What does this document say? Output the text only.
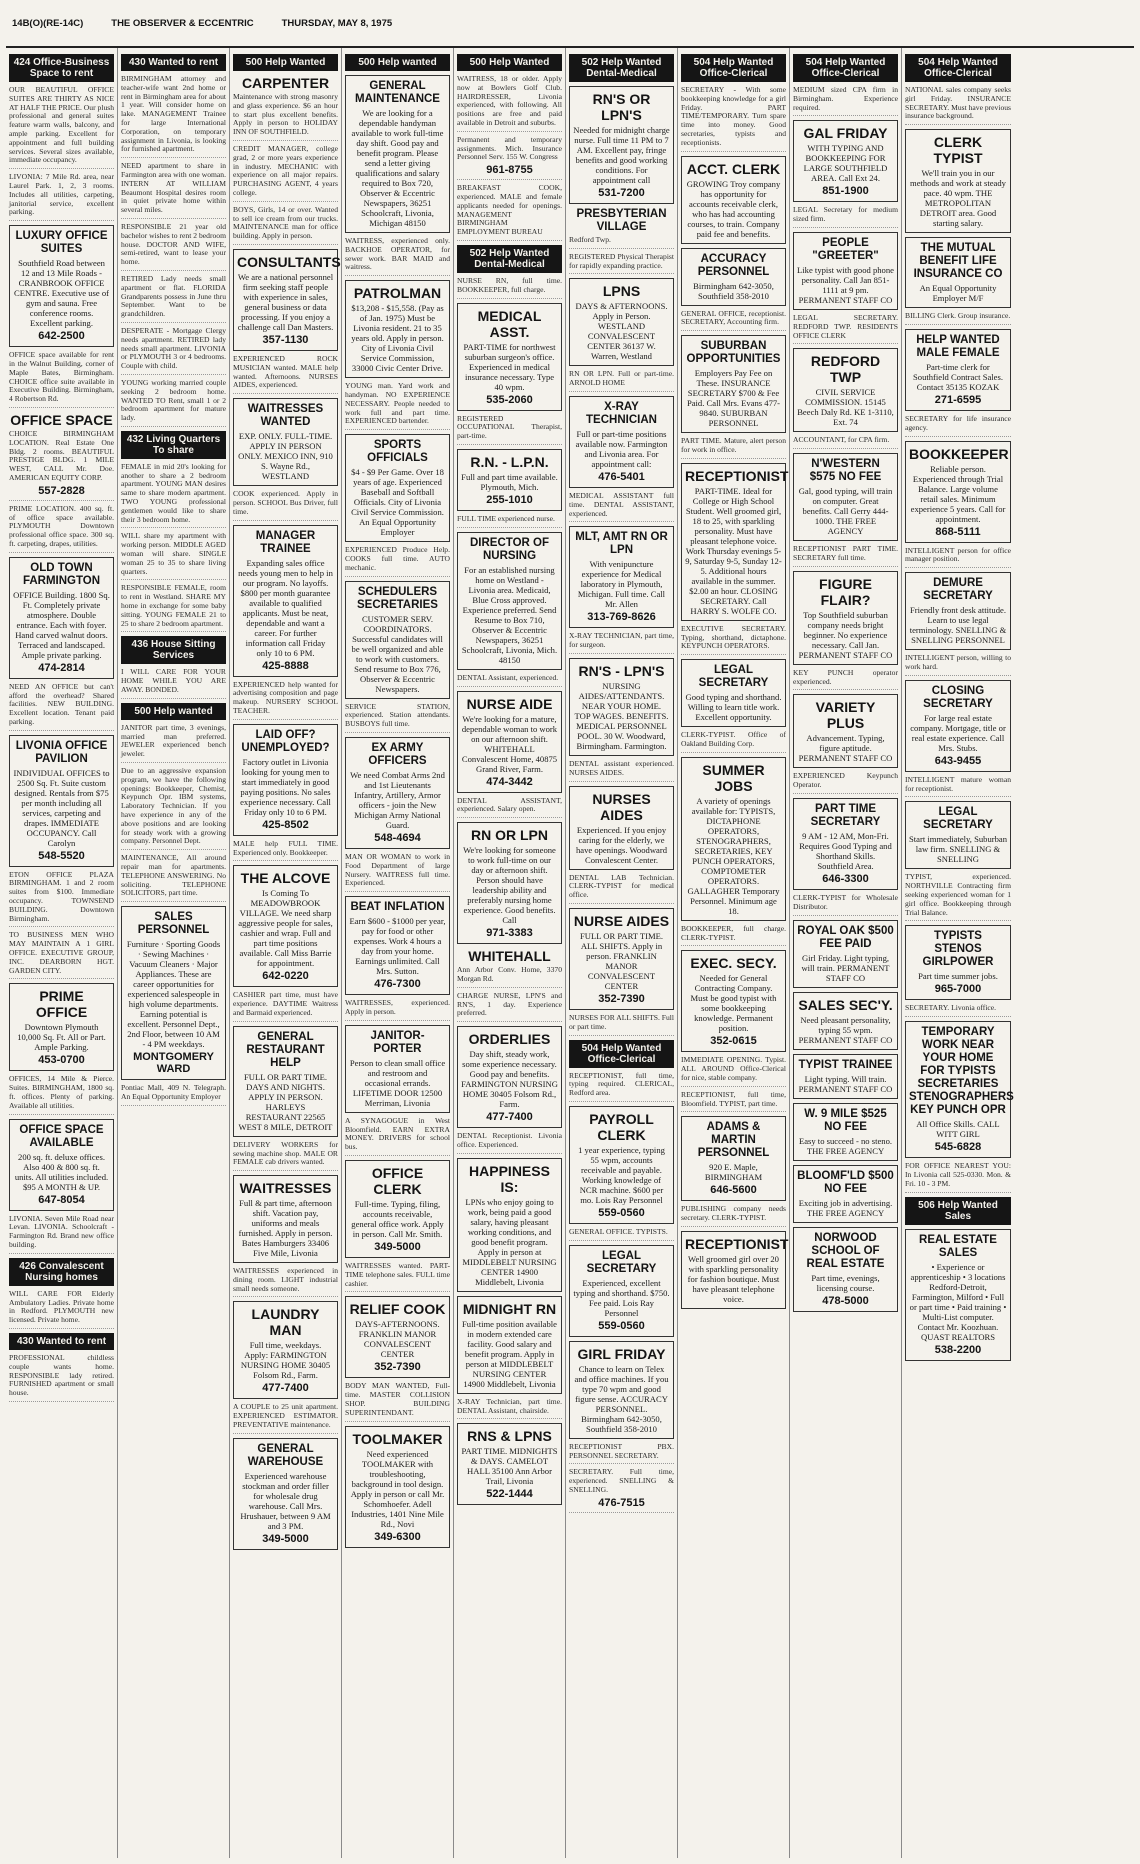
14B(O)(RE-14C)	THE OBSERVER & ECCENTRIC	THURSDAY, MAY 8, 1975
424 Office-Business Space to rent
OUR BEAUTIFUL OFFICE SUITES ARE THIRTY AS NICE AT HALF THE PRICE. Our plush professional and general suites feature warm walls, balcony, and ample parking. Excellent for appointment and full building services. Several sizes available, immediate occupancy.
LIVONIA: 7 Mile Rd. area, near Laurel Park. 1, 2, 3 rooms. Includes all utilities, carpeting, janitorial service, excellent parking.
LUXURY OFFICE SUITES
Southfield Road between 12 and 13 Mile Roads - CRANBROOK OFFICE CENTRE. Executive use of gym and sauna. Free conference rooms. Excellent parking.
642-2500
OFFICE space available for rent in the Walnut Building, corner of Maple Bates, Birmingham. CHOICE office suite available in Executive Building. Birmingham, 4 Robertson Rd.
OFFICE SPACE
CHOICE BIRMINGHAM LOCATION. Real Estate One Bldg. 2 rooms. BEAUTIFUL PRESTIGE BLDG. 1 MILE WEST, CALL Mr. Doe. AMERICAN EQUITY CORP.
557-2828
PRIME LOCATION. 400 sq. ft. of office space available. PLYMOUTH Downtown professional office space. 300 sq. ft. carpeting, drapes, utilities.
OLD TOWN FARMINGTON
OFFICE Building. 1800 Sq. Ft. Completely private atmosphere. Double entrance. Each with foyer. Hand carved walnut doors. Terraced and landscaped. Ample private parking.
474-2814
NEED AN OFFICE but can't afford the overhead? Shared facilities. NEW BUILDING. Excellent location. Tenant paid parking.
LIVONIA OFFICE PAVILION
INDIVIDUAL OFFICES to 2500 Sq. Ft. Suite custom designed. Rentals from $75 per month including all services, carpeting and drapes. IMMEDIATE OCCUPANCY. Call Carolyn
548-5520
ETON OFFICE PLAZA BIRMINGHAM. 1 and 2 room suites from $100. Immediate occupancy. TOWNSEND BUILDING. Downtown Birmingham.
TO BUSINESS MEN WHO MAY MAINTAIN A 1 GIRL OFFICE. EXECUTIVE GROUP, INC. DEARBORN HGT. GARDEN CITY.
PRIME OFFICE
Downtown Plymouth 10,000 Sq. Ft. All or Part. Ample Parking.
453-0700
OFFICES, 14 Mile & Pierce. Suites. BIRMINGHAM, 1800 sq. ft. offices. Plenty of parking. Available all utilities.
OFFICE SPACE AVAILABLE
200 sq. ft. deluxe offices. Also 400 & 800 sq. ft. units. All utilities included. $95 A MONTH & UP.
647-8054
LIVONIA. Seven Mile Road near Levan. LIVONIA. Schoolcraft - Farmington Rd. Brand new office building.
426 Convalescent Nursing homes
WILL CARE FOR Elderly Ambulatory Ladies. Private home in Redford. PLYMOUTH new licensed. Private home.
430 Wanted to rent
PROFESSIONAL childless couple wants home. RESPONSIBLE lady retired. FURNISHED apartment or small house.
430 Wanted to rent
BIRMINGHAM attorney and teacher-wife want 2nd home or rent in Birmingham area for about 1 year. Will consider home on lake. MANAGEMENT Trainee for large International Corporation, on temporary assignment in Livonia, is looking for furnished apartment.
NEED apartment to share in Farmington area with one woman. INTERN AT WILLIAM Beaumont Hospital desires room in quiet private home within several miles.
RESPONSIBLE 21 year old bachelor wishes to rent 2 bedroom house. DOCTOR AND WIFE, semi-retired, want to lease your home.
RETIRED Lady needs small apartment or flat. FLORIDA Grandparents possess in June thru September. Want to be grandchildren.
DESPERATE - Mortgage Clergy needs apartment. RETIRED lady needs small apartment. LIVONIA or PLYMOUTH 3 or 4 bedrooms. Couple with child.
YOUNG working married couple seeking 2 bedroom home. WANTED TO Rent, small 1 or 2 bedroom apartment for mature lady.
432 Living Quarters To share
FEMALE in mid 20's looking for another to share a 2 bedroom apartment. YOUNG MAN desires same to share modern apartment. TWO YOUNG professional gentlemen would like to share their 3 bedroom home.
WILL share my apartment with working person. MIDDLE AGED woman will share. SINGLE woman 25 to 35 to share living quarters.
RESPONSIBLE FEMALE, room to rent in Westland. SHARE MY home in exchange for some baby sitting. YOUNG FEMALE 21 to 25 to share 2 bedroom apartment.
436 House Sitting Services
I WILL CARE FOR YOUR HOME WHILE YOU ARE AWAY. BONDED.
500 Help wanted
JANITOR part time, 3 evenings, married man preferred. JEWELER experienced bench jeweler.
Due to an aggressive expansion program, we have the following openings: Bookkeeper, Chemist, Keypunch Opr. IBM systems, Laboratory Technician. If you have experience in any of the above positions and are looking for steady work with a growing company. Personnel Dept.
MAINTENANCE, All around repair man for apartments. TELEPHONE ANSWERING. No soliciting. TELEPHONE SOLICITORS, part time.
SALES PERSONNEL
Furniture · Sporting Goods · Sewing Machines · Vacuum Cleaners · Major Appliances. These are career opportunities for experienced salespeople in high volume departments. Earning potential is excellent. Personnel Dept., 2nd Floor, between 10 AM - 4 PM weekdays.
MONTGOMERY WARD
Pontiac Mall, 409 N. Telegraph. An Equal Opportunity Employer
500 Help Wanted
CARPENTER
Maintenance with strong masonry and glass experience. $6 an hour to start plus excellent benefits. Apply in person to HOLIDAY INN OF SOUTHFIELD.
CREDIT MANAGER, college grad, 2 or more years experience in industry. MECHANIC with experience on all major repairs. PURCHASING AGENT, 4 years college.
BOYS, Girls, 14 or over. Wanted to sell ice cream from our trucks. MAINTENANCE man for office building. Apply in person.
CONSULTANTS
We are a national personnel firm seeking staff people with experience in sales, general business or data processing. If you enjoy a challenge call Dan Masters.
357-1130
EXPERIENCED ROCK MUSICIAN wanted. MALE help wanted. Afternoons. NURSES AIDES, experienced.
WAITRESSES WANTED
EXP. ONLY. FULL-TIME. APPLY IN PERSON ONLY. MEXICO INN, 910 S. Wayne Rd., WESTLAND
COOK experienced. Apply in person. SCHOOL Bus Driver, full time.
MANAGER TRAINEE
Expanding sales office needs young men to help in our program. No layoffs. $800 per month guarantee available to qualified applicants. Must be neat, dependable and want a career. For further information call Friday only 10 to 6 PM.
425-8888
EXPERIENCED help wanted for advertising composition and page makeup. NURSERY SCHOOL TEACHER.
LAID OFF? UNEMPLOYED?
Factory outlet in Livonia looking for young men to start immediately in good paying positions. No sales experience necessary. Call Friday only 10 to 6 PM.
425-8502
MALE help FULL TIME. Experienced only. Bookkeeper.
THE ALCOVE
Is Coming To MEADOWBROOK VILLAGE. We need sharp aggressive people for sales, cashier and wrap. Full and part time positions available. Call Miss Barrie for appointment.
642-0220
CASHIER part time, must have experience. DAYTIME Waitress and Barmaid experienced.
GENERAL RESTAURANT HELP
FULL OR PART TIME. DAYS AND NIGHTS. APPLY IN PERSON. HARLEYS RESTAURANT 22565 WEST 8 MILE, DETROIT
DELIVERY WORKERS for sewing machine shop. MALE OR FEMALE cab drivers wanted.
WAITRESSES
Full & part time, afternoon shift. Vacation pay, uniforms and meals furnished. Apply in person. Bates Hamburgers 33406 Five Mile, Livonia
WAITRESSES experienced in dining room. LIGHT industrial small needs someone.
LAUNDRY MAN
Full time, weekdays. Apply: FARMINGTON NURSING HOME 30405 Folsom Rd., Farm.
477-7400
A COUPLE to 25 unit apartment. EXPERIENCED ESTIMATOR. PREVENTATIVE maintenance.
GENERAL WAREHOUSE
Experienced warehouse stockman and order filler for wholesale drug warehouse. Call Mrs. Hrushauer, between 9 AM and 3 PM.
349-5000
500 Help wanted
GENERAL MAINTENANCE
We are looking for a dependable handyman available to work full-time day shift. Good pay and benefit program. Please send a letter giving qualifications and salary required to Box 720, Observer & Eccentric Newspapers, 36251 Schoolcraft, Livonia, Michigan 48150
WAITRESS, experienced only. BACKHOE OPERATOR, for sewer work. BAR MAID and waitress.
PATROLMAN
$13,208 - $15,558. (Pay as of Jan. 1975) Must be Livonia resident. 21 to 35 years old. Apply in person. City of Livonia Civil Service Commission, 33000 Civic Center Drive.
YOUNG man. Yard work and handyman. NO EXPERIENCE NECESSARY. People needed to work full and part time. EXPERIENCED bartender.
SPORTS OFFICIALS
$4 - $9 Per Game. Over 18 years of age. Experienced Baseball and Softball Officials. City of Livonia Civil Service Commission. An Equal Opportunity Employer
EXPERIENCED Produce Help. COOKS full time. AUTO mechanic.
SCHEDULERS SECRETARIES
CUSTOMER SERV. COORDINATORS. Successful candidates will be well organized and able to work with customers. Send resume to Box 776, Observer & Eccentric Newspapers.
SERVICE STATION, experienced. Station attendants. BUSBOYS full time.
EX ARMY OFFICERS
We need Combat Arms 2nd and 1st Lieutenants Infantry, Artillery, Armor officers - join the New Michigan Army National Guard.
548-4694
MAN OR WOMAN to work in Food Department of large Nursery. WAITRESS full time. Experienced.
BEAT INFLATION
Earn $600 - $1000 per year, pay for food or other expenses. Work 4 hours a day from your home. Earnings unlimited. Call Mrs. Sutton.
476-7300
WAITRESSES, experienced. Apply in person.
JANITOR-PORTER
Person to clean small office and restroom and occasional errands. LIFETIME DOOR 12500 Merriman, Livonia
A SYNAGOGUE in West Bloomfield. EARN EXTRA MONEY. DRIVERS for school bus.
OFFICE CLERK
Full-time. Typing, filing, accounts receivable, general office work. Apply in person. Call Mr. Smith.
349-5000
WAITRESSES wanted. PART-TIME telephone sales. FULL time cashier.
RELIEF COOK
DAYS-AFTERNOONS. FRANKLIN MANOR CONVALESCENT CENTER
352-7390
BODY MAN WANTED, Full-time. MASTER COLLISION SHOP. BUILDING SUPERINTENDANT.
TOOLMAKER
Need experienced TOOLMAKER with troubleshooting, background in tool design. Apply in person or call Mr. Schomhoefer. Adell Industries, 1401 Nine Mile Rd., Novi
349-6300
500 Help Wanted
WAITRESS, 18 or older. Apply now at Bowlers Golf Club. HAIRDRESSER, Livonia experienced, with following. All positions are free and paid available in Detroit and suburbs.
Permanent and temporary assignments. Mich. Insurance Personnel Serv. 155 W. Congress
961-8755
BREAKFAST COOK, experienced. MALE and female applicants needed for openings. MANAGEMENT BIRMINGHAM EMPLOYMENT BUREAU
502 Help Wanted Dental-Medical
NURSE RN, full time. BOOKKEEPER, full charge.
MEDICAL ASST.
PART-TIME for northwest suburban surgeon's office. Experienced in medical insurance necessary. Type 40 wpm.
535-2060
REGISTERED OCCUPATIONAL Therapist, part-time.
R.N. - L.P.N.
Full and part time available. Plymouth, Mich.
255-1010
FULL TIME experienced nurse.
DIRECTOR OF NURSING
For an established nursing home on Westland - Livonia area. Medicaid, Blue Cross approved. Experience preferred. Send Resume to Box 710, Observer & Eccentric Newspapers, 36251 Schoolcraft, Livonia, Mich. 48150
DENTAL Assistant, experienced.
NURSE AIDE
We're looking for a mature, dependable woman to work on our afternoon shift. WHITEHALL Convalescent Home, 40875 Grand River, Farm.
474-3442
DENTAL ASSISTANT, experienced. Salary open.
RN OR LPN
We're looking for someone to work full-time on our day or afternoon shift. Person should have leadership ability and preferably nursing home experience. Good benefits. Call
971-3383
WHITEHALL
Ann Arbor Conv. Home, 3370 Morgan Rd.
CHARGE NURSE, LPN'S and RN'S, 1 day. Experience preferred.
ORDERLIES
Day shift, steady work, some experience necessary. Good pay and benefits. FARMINGTON NURSING HOME 30405 Folsom Rd., Farm.
477-7400
DENTAL Receptionist. Livonia office. Experienced.
HAPPINESS IS:
LPNs who enjoy going to work, being paid a good salary, having pleasant working conditions, and good benefit program. Apply in person at MIDDLEBELT NURSING CENTER 14900 Middlebelt, Livonia
MIDNIGHT RN
Full-time position available in modern extended care facility. Good salary and benefit program. Apply in person at MIDDLEBELT NURSING CENTER 14900 Middlebelt, Livonia
X-RAY Technician, part time. DENTAL Assistant, chairside.
RNS & LPNS
PART TIME. MIDNIGHTS & DAYS. CAMELOT HALL 35100 Ann Arbor Trail, Livonia
522-1444
502 Help Wanted Dental-Medical
RN'S OR LPN'S
Needed for midnight charge nurse. Full time 11 PM to 7 AM. Excellent pay, fringe benefits and good working conditions. For appointment call
531-7200
PRESBYTERIAN VILLAGE
Redford Twp.
REGISTERED Physical Therapist for rapidly expanding practice.
LPNS
DAYS & AFTERNOONS. Apply in Person. WESTLAND CONVALESCENT CENTER 36137 W. Warren, Westland
RN OR LPN. Full or part-time. ARNOLD HOME
X-RAY TECHNICIAN
Full or part-time positions available now. Farmington and Livonia area. For appointment call:
476-5401
MEDICAL ASSISTANT full time. DENTAL ASSISTANT, experienced.
MLT, AMT RN OR LPN
With venipuncture experience for Medical laboratory in Plymouth, Michigan. Full time. Call Mr. Allen
313-769-8626
X-RAY TECHNICIAN, part time, for surgeon.
RN'S - LPN'S
NURSING AIDES/ATTENDANTS. NEAR YOUR HOME. TOP WAGES. BENEFITS. MEDICAL PERSONNEL POOL. 30 W. Woodward, Birmingham. Farmington.
DENTAL assistant experienced. NURSES AIDES.
NURSES AIDES
Experienced. If you enjoy caring for the elderly, we have openings. Woodward Convalescent Center.
DENTAL LAB Technician. CLERK-TYPIST for medical office.
NURSE AIDES
FULL OR PART TIME. ALL SHIFTS. Apply in person. FRANKLIN MANOR CONVALESCENT CENTER
352-7390
NURSES FOR ALL SHIFTS. Full or part time.
504 Help Wanted Office-Clerical
RECEPTIONIST, full time, typing required. CLERICAL, Redford area.
PAYROLL CLERK
1 year experience, typing 55 wpm, accounts receivable and payable. Working knowledge of NCR machine. $600 per mo. Lois Ray Personnel
559-0560
GENERAL OFFICE. TYPISTS.
LEGAL SECRETARY
Experienced, excellent typing and shorthand. $750. Fee paid. Lois Ray Personnel
559-0560
GIRL FRIDAY
Chance to learn on Telex and office machines. If you type 70 wpm and good figure sense. ACCURACY PERSONNEL. Birmingham 642-3050, Southfield 358-2010
RECEPTIONIST PBX. PERSONNEL SECRETARY.
SECRETARY. Full time, experienced. SNELLING & SNELLING.
476-7515
504 Help Wanted Office-Clerical
SECRETARY - With some bookkeeping knowledge for a girl Friday. PART TIME/TEMPORARY. Turn spare time into money. Good secretaries, typists and receptionists.
ACCT. CLERK
GROWING Troy company has opportunity for accounts receivable clerk, who has had accounting courses, to train. Company paid fee and benefits.
ACCURACY PERSONNEL
Birmingham 642-3050, Southfield 358-2010
GENERAL OFFICE, receptionist. SECRETARY, Accounting firm.
SUBURBAN OPPORTUNITIES
Employers Pay Fee on These. INSURANCE SECRETARY $700 & Fee Paid. Call Mrs. Evans 477-9840. SUBURBAN PERSONNEL
PART TIME. Mature, alert person for work in office.
RECEPTIONIST
PART-TIME. Ideal for College or High School Student. Well groomed girl, 18 to 25, with sparkling personality. Must have pleasant telephone voice. Work Thursday evenings 5-9, Saturday 9-5, Sunday 12-5. Additional hours available in the summer. $2.00 an hour. CLOSING SECRETARY. Call HARRY S. WOLFE CO.
EXECUTIVE SECRETARY. Typing, shorthand, dictaphone. KEYPUNCH OPERATORS.
LEGAL SECRETARY
Good typing and shorthand. Willing to learn title work. Excellent opportunity.
CLERK-TYPIST. Office of Oakland Building Corp.
SUMMER JOBS
A variety of openings available for: TYPISTS, DICTAPHONE OPERATORS, STENOGRAPHERS, SECRETARIES, KEY PUNCH OPERATORS, COMPTOMETER OPERATORS. GALLAGHER Temporary Personnel. Minimum age 18.
BOOKKEEPER, full charge. CLERK-TYPIST.
EXEC. SECY.
Needed for General Contracting Company. Must be good typist with some bookkeeping knowledge. Permanent position.
352-0615
IMMEDIATE OPENING. Typist. ALL AROUND Office-Clerical for nice, stable company.
RECEPTIONIST, full time, Bloomfield. TYPIST, part time.
ADAMS & MARTIN PERSONNEL
920 E. Maple, BIRMINGHAM
646-5600
PUBLISHING company needs secretary. CLERK-TYPIST.
RECEPTIONIST
Well groomed girl over 20 with sparkling personality for fashion boutique. Must have pleasant telephone voice.
504 Help Wanted Office-Clerical
MEDIUM sized CPA firm in Birmingham. Experience required.
GAL FRIDAY
WITH TYPING AND BOOKKEEPING FOR LARGE SOUTHFIELD AREA. Call Ext 24.
851-1900
LEGAL Secretary for medium sized firm.
PEOPLE "GREETER"
Like typist with good phone personality. Call Jan 851-1111 at 9 pm. PERMANENT STAFF CO
LEGAL SECRETARY. REDFORD TWP. RESIDENTS OFFICE CLERK
REDFORD TWP
CIVIL SERVICE COMMISSION. 15145 Beech Daly Rd. KE 1-3110, Ext. 74
ACCOUNTANT, for CPA firm.
N'WESTERN $575 NO FEE
Gal, good typing, will train on computer. Great benefits. Call Gerry 444-1000. THE FREE AGENCY
RECEPTIONIST PART TIME. SECRETARY full time.
FIGURE FLAIR?
Top Southfield suburban company needs bright beginner. No experience necessary. Call Jan. PERMANENT STAFF CO
KEY PUNCH operator experienced.
VARIETY PLUS
Advancement. Typing, figure aptitude. PERMANENT STAFF CO
EXPERIENCED Keypunch Operator.
PART TIME SECRETARY
9 AM - 12 AM, Mon-Fri. Requires Good Typing and Shorthand Skills. Southfield Area.
646-3300
CLERK-TYPIST for Wholesale Distributor.
ROYAL OAK $500 FEE PAID
Girl Friday. Light typing, will train. PERMANENT STAFF CO
SALES SEC'Y.
Need pleasant personality, typing 55 wpm. PERMANENT STAFF CO
TYPIST TRAINEE
Light typing. Will train. PERMANENT STAFF CO
W. 9 MILE $525 NO FEE
Easy to succeed - no steno. THE FREE AGENCY
BLOOMF'LD $500 NO FEE
Exciting job in advertising. THE FREE AGENCY
NORWOOD SCHOOL OF REAL ESTATE
Part time, evenings, licensing course.
478-5000
504 Help Wanted Office-Clerical
NATIONAL sales company seeks girl Friday. INSURANCE SECRETARY. Must have previous insurance background.
CLERK TYPIST
We'll train you in our methods and work at steady pace. 40 wpm. THE METROPOLITAN DETROIT area. Good starting salary.
THE MUTUAL BENEFIT LIFE INSURANCE CO
An Equal Opportunity Employer M/F
BILLING Clerk. Group insurance.
HELP WANTED MALE FEMALE
Part-time clerk for Southfield Contract Sales. Contact 35135 KOZAK
271-6595
SECRETARY for life insurance agency.
BOOKKEEPER
Reliable person. Experienced through Trial Balance. Large volume retail sales. Minimum experience 5 years. Call for appointment.
868-5111
INTELLIGENT person for office manager position.
DEMURE SECRETARY
Friendly front desk attitude. Learn to use legal terminology. SNELLING & SNELLING PERSONNEL
INTELLIGENT person, willing to work hard.
CLOSING SECRETARY
For large real estate company. Mortgage, title or real estate experience. Call Mrs. Stubs.
643-9455
INTELLIGENT mature woman for receptionist.
LEGAL SECRETARY
Start immediately, Suburban law firm. SNELLING & SNELLING
TYPIST, experienced. NORTHVILLE Contracting firm seeking experienced woman for 1 girl office. Bookkeeping through Trial Balance.
TYPISTS STENOS GIRLPOWER
Part time summer jobs.
965-7000
SECRETARY. Livonia office.
TEMPORARY WORK NEAR YOUR HOME FOR TYPISTS SECRETARIES STENOGRAPHERS KEY PUNCH OPR
All Office Skills. CALL WITT GIRL
545-6828
FOR OFFICE NEAREST YOU: In Livonia call 525-0330. Mon. & Fri. 10 - 3 PM.
506 Help Wanted Sales
REAL ESTATE SALES
• Experience or apprenticeship • 3 locations Redford-Detroit, Farmington, Milford • Full or part time • Paid training • Multi-List computer. Contact Mr. Koozhuan. QUAST REALTORS
538-2200
